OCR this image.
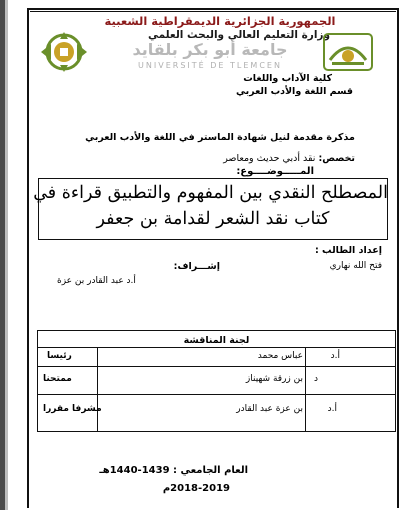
الجمهورية الجزائرية الديمقراطية الشعبية
وزارة التعليم العالي والبحث العلمي
جامعة أبو بكر بلقايد
UNIVERSITÉ DE TLEMCEN
كلية الآداب واللغات
قسم اللغة والأدب العربي
مذكرة مقدمة لنيل شهادة الماستر في اللغة والأدب العربي
تخصص: نقد أدبي حديث ومعاصر
المـــــوضــــوع:
المصطلح النقدي بين المفهوم والتطبيق قراءة في
كتاب نقد الشعر لقدامة بن جعفر
إعداد الطالب :
فتح الله نهاري
إشـــراف:
أ.د عبد القادر بن عزة
لجنة المناقشة
أ.د
عباس محمد
رئيسا
د
بن زرقة شهيناز
ممتحنا
أ.د
بن عزة عبد القادر
مشرفا مقررا
العام الجامعي : 1439-1440هـ
2018-2019م
